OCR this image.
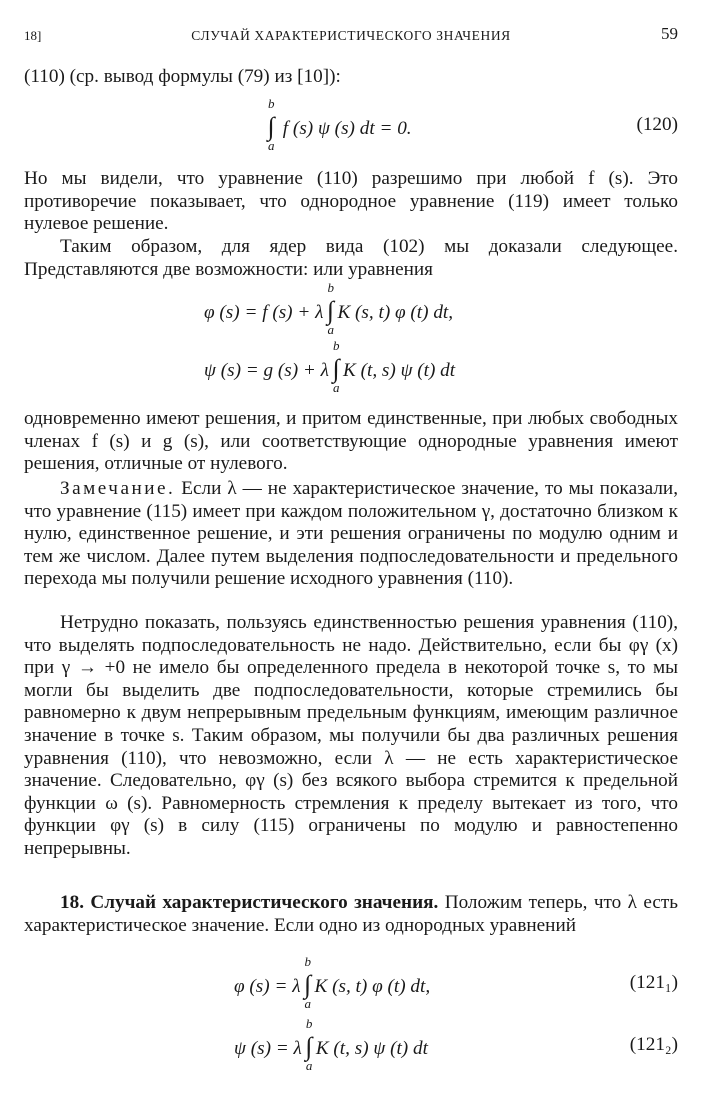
18]	СЛУЧАЙ ХАРАКТЕРИСТИЧЕСКОГО ЗНАЧЕНИЯ	59
(110) (ср. вывод формулы (79) из [10]):
b
∫
a
f (s) ψ (s) dt = 0.	(120)
Но мы видели, что уравнение (110) разрешимо при любой f (s). Это противоречие показывает, что однородное уравнение (119) имеет только нулевое решение.
Таким образом, для ядер вида (102) мы доказали следующее. Представляются две возможности: или уравнения
φ (s) = f (s) + λ
b
∫
a
K (s, t) φ (t) dt,
ψ (s) = g (s) + λ
b
∫
a
K (t, s) ψ (t) dt
одновременно имеют решения, и притом единственные, при любых свободных членах f (s) и g (s), или соответствующие однородные уравнения имеют решения, отличные от нулевого.
Замечание. Если λ — не характеристическое значение, то мы показали, что уравнение (115) имеет при каждом положительном γ, достаточно близком к нулю, единственное решение, и эти решения ограничены по модулю одним и тем же числом. Далее путем выделения подпоследовательности и предельного перехода мы получили решение исходного уравнения (110).
Нетрудно показать, пользуясь единственностью решения уравнения (110), что выделять подпоследовательность не надо. Действительно, если бы φγ (x) при γ → +0 не имело бы определенного предела в некоторой точке s, то мы могли бы выделить две подпоследовательности, которые стремились бы равномерно к двум непрерывным предельным функциям, имеющим различное значение в точке s. Таким образом, мы получили бы два различных решения уравнения (110), что невозможно, если λ — не есть характеристическое значение. Следовательно, φγ (s) без всякого выбора стремится к предельной функции ω (s). Равномерность стремления к пределу вытекает из того, что функции φγ (s) в силу (115) ограничены по модулю и равностепенно непрерывны.
18. Случай характеристического значения. Положим теперь, что λ есть характеристическое значение. Если одно из однородных уравнений
φ (s) = λ
b
∫
a
K (s, t) φ (t) dt,	(121₁)
ψ (s) = λ
b
∫
a
K (t, s) ψ (t) dt	(121₂)
